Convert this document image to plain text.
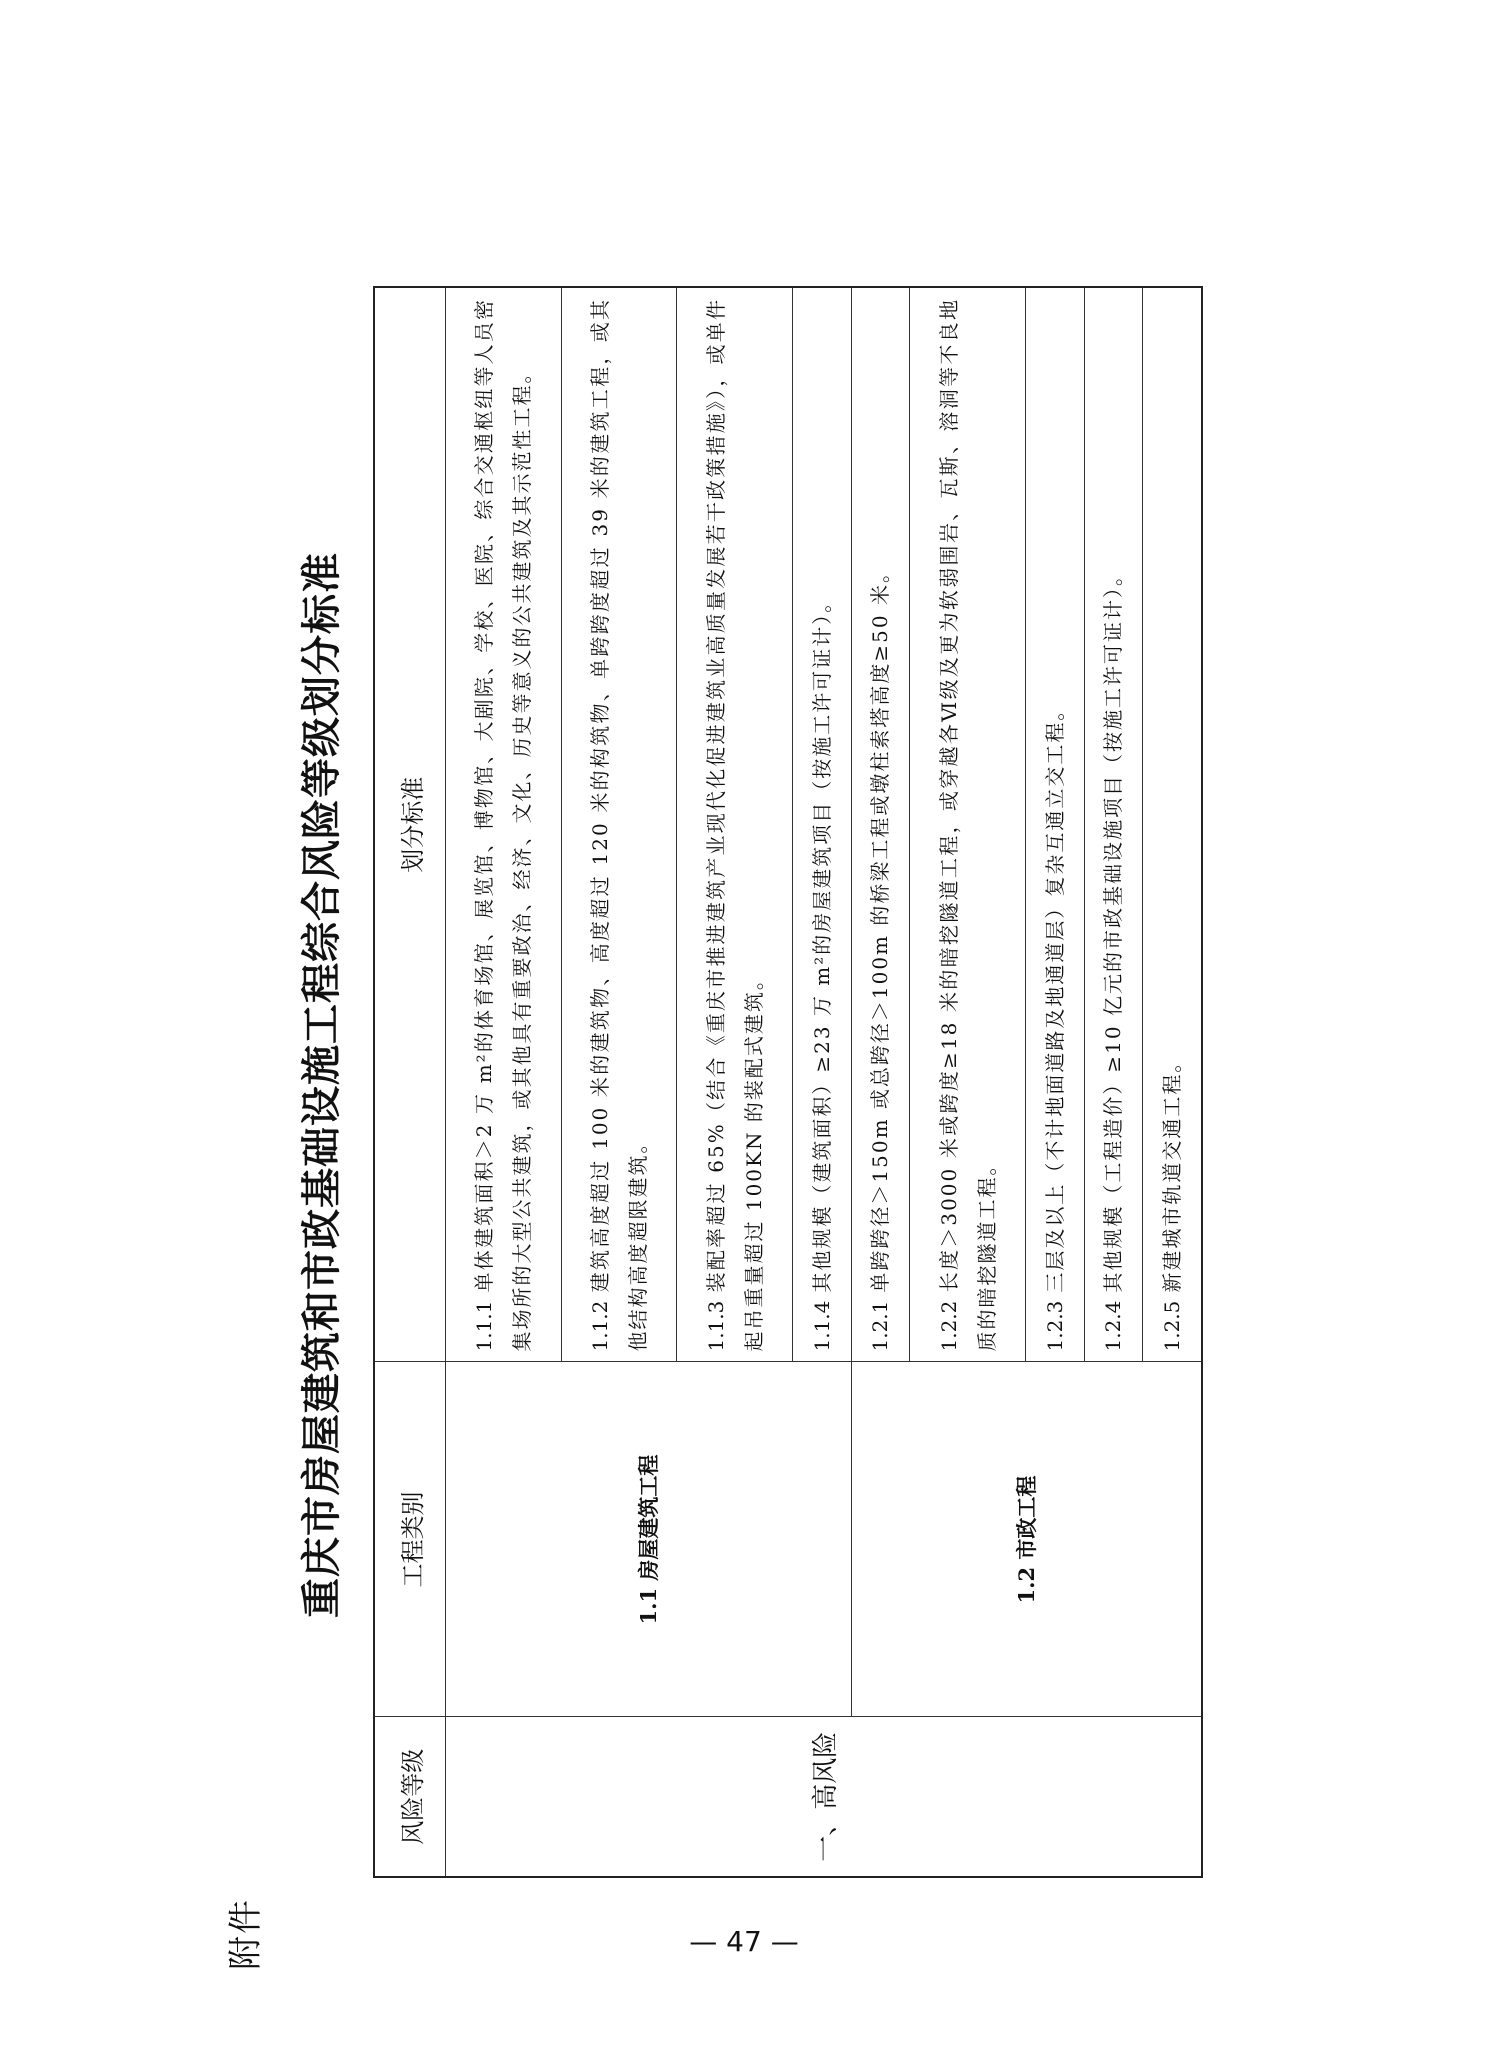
附件
重庆市房屋建筑和市政基础设施工程综合风险等级划分标准
风险等级	工程类别	划分标准
一、高风险	1.1 房屋建筑工程	1.1.1单体建筑面积＞2 万 m²的体育场馆、展览馆、博物馆、大剧院、学校、医院、综合交通枢纽等人员密集场所的大型公共建筑，或其他具有重要政治、经济、文化、历史等意义的公共建筑及其示范性工程。
		1.1.2建筑高度超过 100 米的建筑物、高度超过 120 米的构筑物、单跨跨度超过 39 米的建筑工程，或其他结构高度超限建筑。
		1.1.3装配率超过 65%（结合《重庆市推进建筑产业现代化促进建筑业高质量发展若干政策措施》），或单件起吊重量超过 100KN 的装配式建筑。
		1.1.4其他规模（建筑面积）≥23 万 m²的房屋建筑项目（按施工许可证计）。
	1.2 市政工程	1.2.1单跨跨径＞150m 或总跨径＞100m 的桥梁工程或墩柱索塔高度≥50 米。
		1.2.2长度＞3000 米或跨度≥18 米的暗挖隧道工程，或穿越各Ⅵ级及更为软弱围岩、瓦斯、溶洞等不良地质的暗挖隧道工程。
		1.2.3三层及以上（不计地面道路及地通道层）复杂互通立交工程。
		1.2.4其他规模（工程造价）≥10 亿元的市政基础设施项目（按施工许可证计）。
		1.2.5新建城市轨道交通工程。
— 47 —
